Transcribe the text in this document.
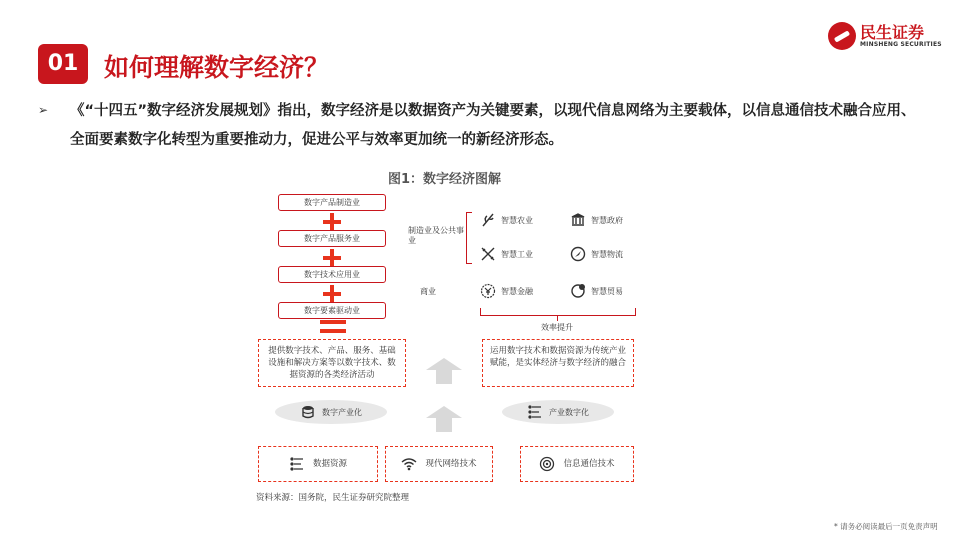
01	如何理解数字经济？
民生证券
MINSHENG SECURITIES
➢ 《“十四五”数字经济发展规划》指出，数字经济是以数据资产为关键要素，以现代信息网络为主要载体，以信息通信技术融合应用、全面要素数字化转型为重要推动力，促进公平与效率更加统一的新经济形态。
图1：数字经济图解
数字产品制造业
数字产品服务业
数字技术应用业
数字要素驱动业
制造业及公共事业
商业
智慧农业	智慧政府
智慧工业	智慧物流
智慧金融	智慧贸易
效率提升
提供数字技术、产品、服务、基础设施和解决方案等以数字技术、数据资源的各类经济活动
运用数字技术和数据资源为传统产业赋能，是实体经济与数字经济的融合
数字产业化	产业数字化
数据资源	现代网络技术	信息通信技术
资料来源：国务院，民生证券研究院整理
* 请务必阅读最后一页免责声明
